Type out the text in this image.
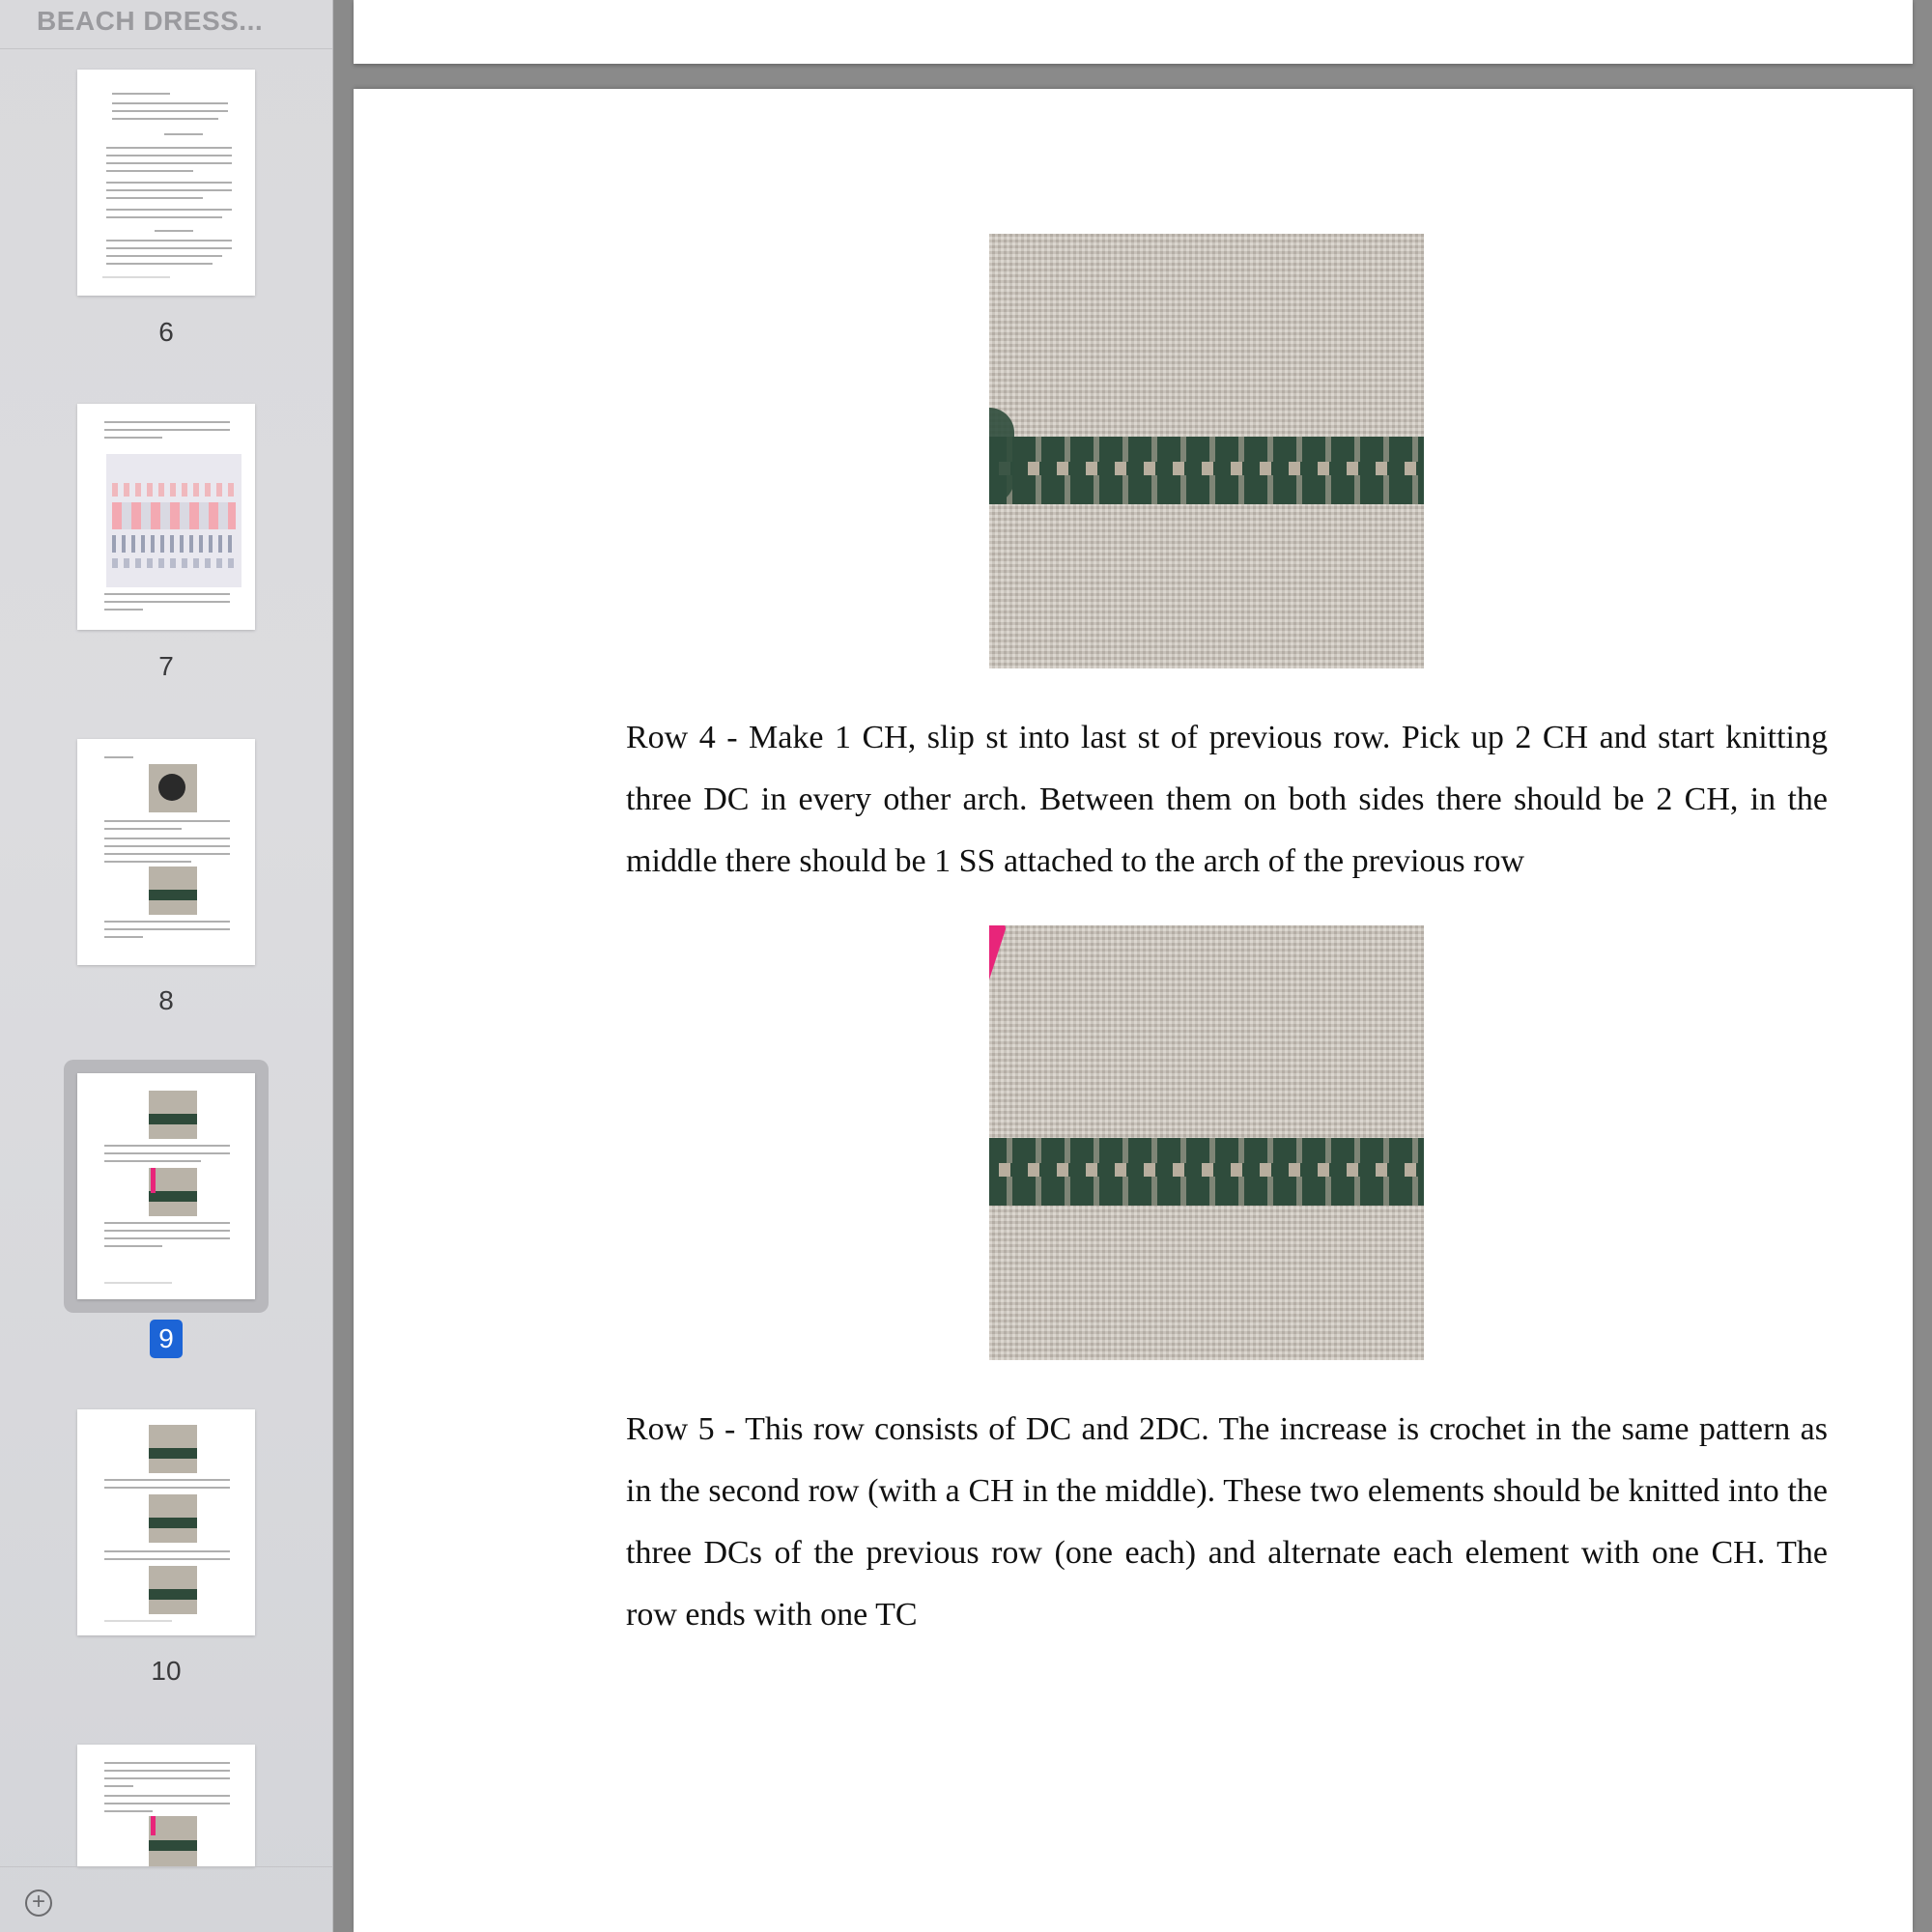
BEACH DRESS...
6
7
8
9
10
+
Row 4 - Make 1 CH, slip st into last st of previous row. Pick up 2 CH and start knitting three DC in every other arch. Between them on both sides there should be 2 CH, in the middle there should be 1 SS attached to the arch of the previous row
Row 5 - This row consists of DC and 2DC. The increase is crochet in the same pattern as in the second row (with a CH in the middle). These two elements should be knitted into the three DCs of the previous row (one each) and alternate each element with one CH. The row ends with one TC
